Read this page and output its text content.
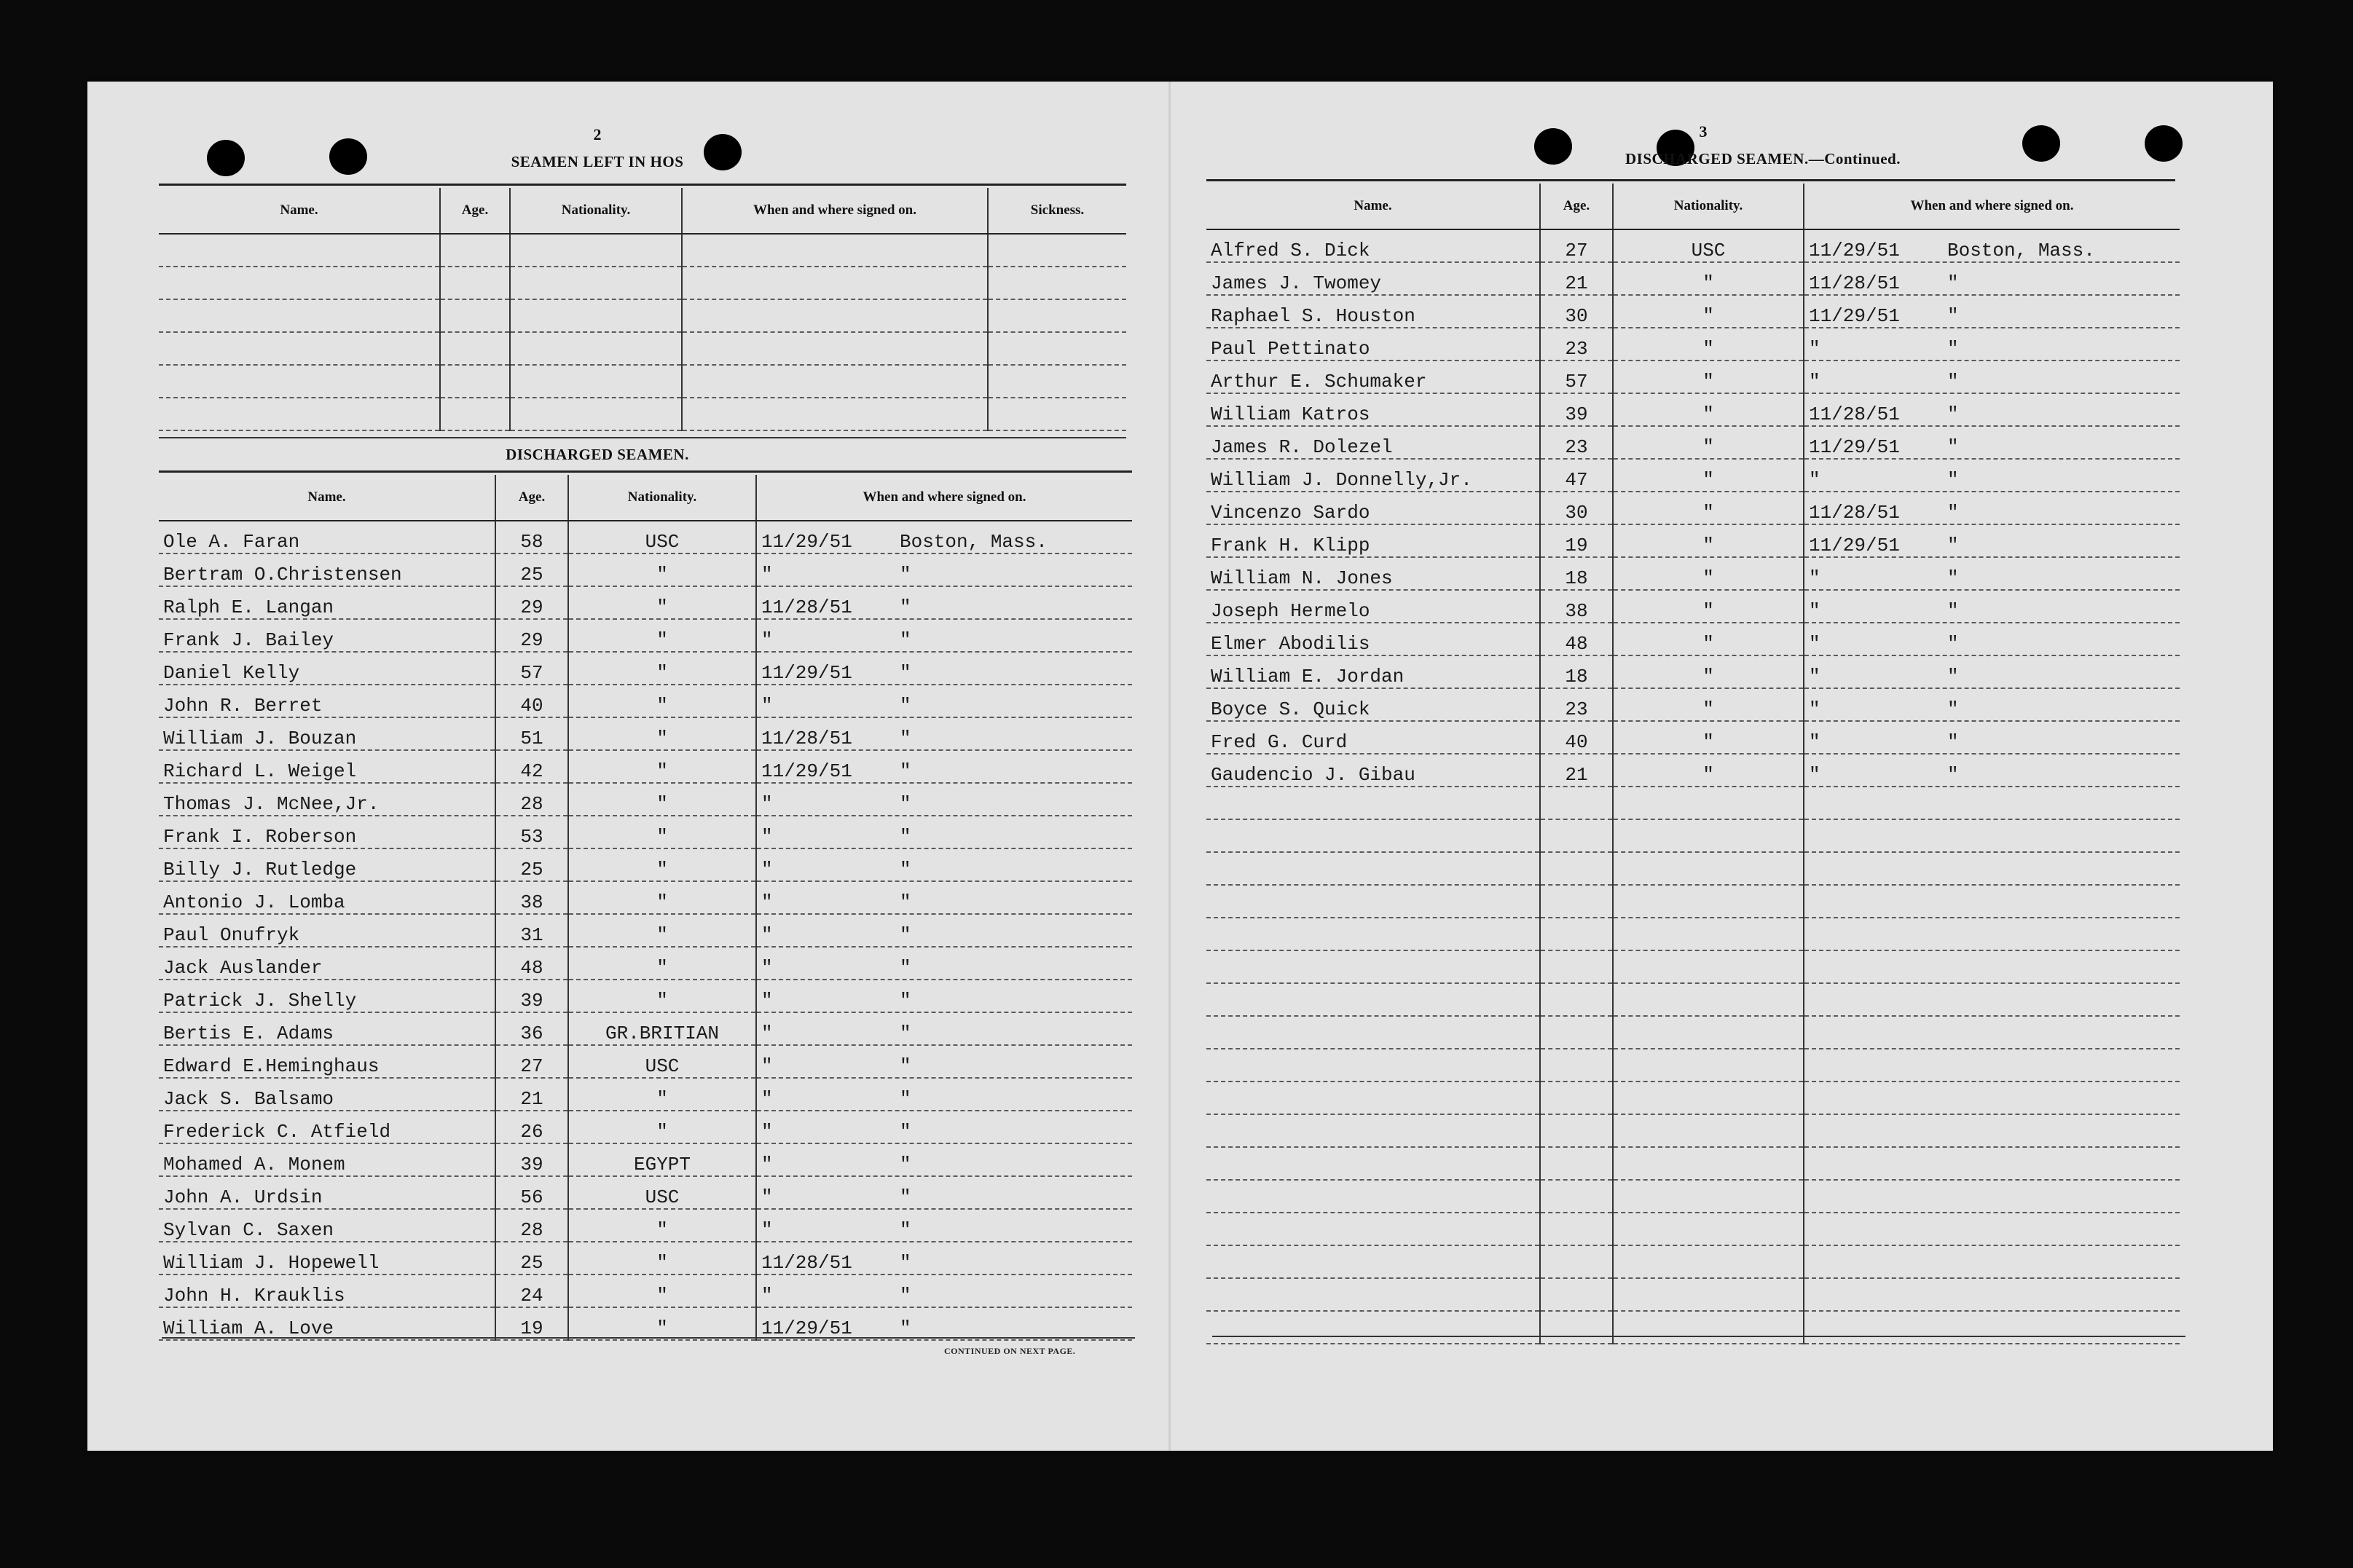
2

SEAMEN LEFT IN HOS

Name.	Age.	Nationality.	When and where signed on.	Sickness.

DISCHARGED SEAMEN.

Name.	Age.	Nationality.	When and where signed on.
Ole A. Faran	58	USC	11/29/51 Boston, Mass.
Bertram O.Christensen	25	"	" "
Ralph E. Langan	29	"	11/28/51 "
Frank J. Bailey	29	"	" "
Daniel Kelly	57	"	11/29/51 "
John R. Berret	40	"	" "
William J. Bouzan	51	"	11/28/51 "
Richard L. Weigel	42	"	11/29/51 "
Thomas J. McNee,Jr.	28	"	" "
Frank I. Roberson	53	"	" "
Billy J. Rutledge	25	"	" "
Antonio J. Lomba	38	"	" "
Paul Onufryk	31	"	" "
Jack Auslander	48	"	" "
Patrick J. Shelly	39	"	" "
Bertis E. Adams	36	GR.BRITIAN	" "
Edward E.Heminghaus	27	USC	" "
Jack S. Balsamo	21	"	" "
Frederick C. Atfield	26	"	" "
Mohamed A. Monem	39	EGYPT	" "
John A. Urdsin	56	USC	" "
Sylvan C. Saxen	28	"	" "
William J. Hopewell	25	"	11/28/51 "
John H. Krauklis	24	"	" "
William A. Love	19	"	11/29/51 "

CONTINUED ON NEXT PAGE.

3

DISCHARGED SEAMEN.—Continued.

Name.	Age.	Nationality.	When and where signed on.
Alfred S. Dick	27	USC	11/29/51 Boston, Mass.
James J. Twomey	21	"	11/28/51 "
Raphael S. Houston	30	"	11/29/51 "
Paul Pettinato	23	"	" "
Arthur E. Schumaker	57	"	" "
William Katros	39	"	11/28/51 "
James R. Dolezel	23	"	11/29/51 "
William J. Donnelly,Jr.	47	"	" "
Vincenzo Sardo	30	"	11/28/51 "
Frank H. Klipp	19	"	11/29/51 "
William N. Jones	18	"	" "
Joseph Hermelo	38	"	" "
Elmer Abodilis	48	"	" "
William E. Jordan	18	"	" "
Boyce S. Quick	23	"	" "
Fred G. Curd	40	"	" "
Gaudencio J. Gibau	21	"	" "
